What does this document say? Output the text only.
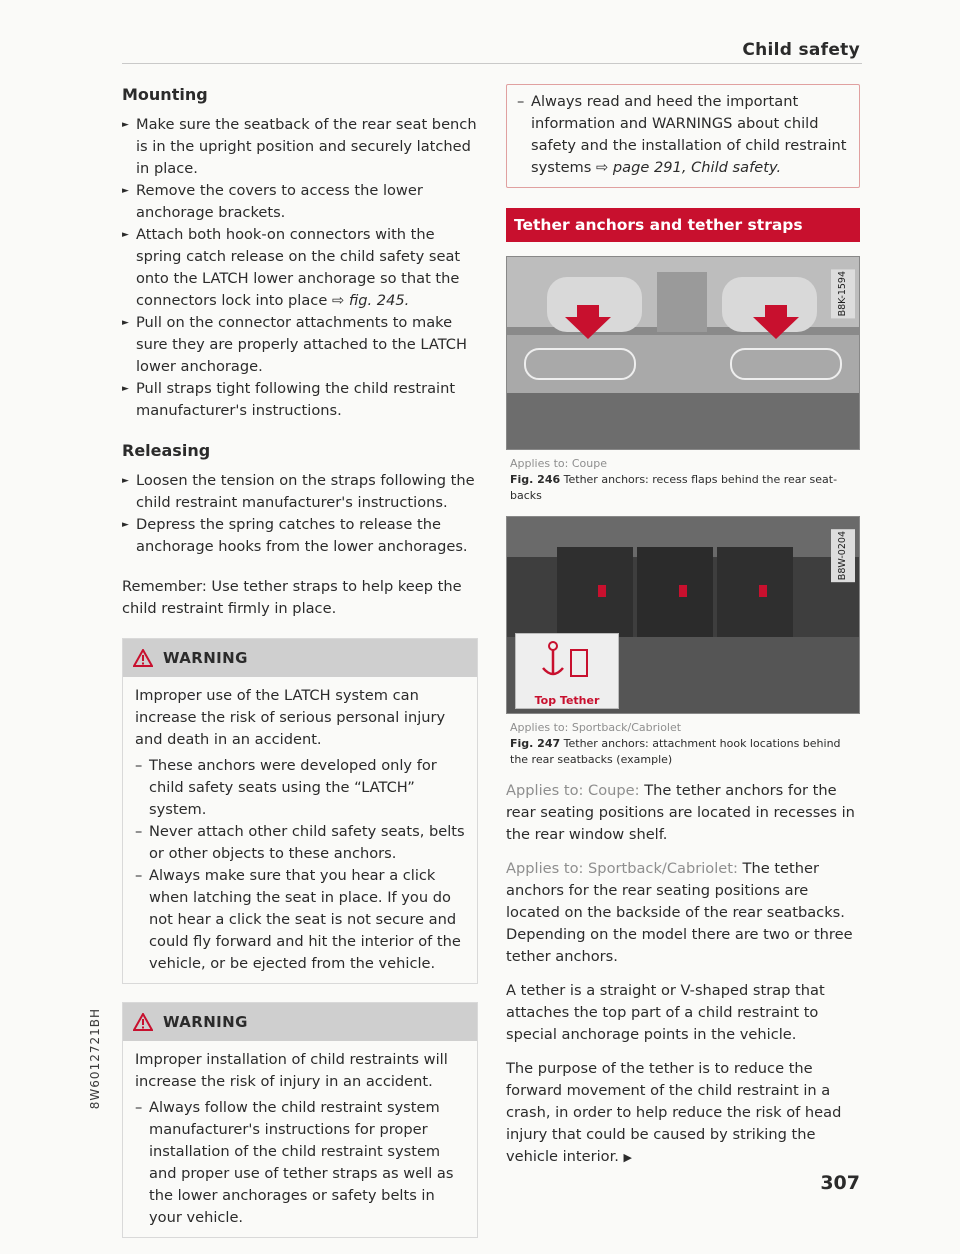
Child safety
Mounting
► Make sure the seatback of the rear seat bench is in the upright position and securely latched in place.
► Remove the covers to access the lower anchorage brackets.
► Attach both hook-on connectors with the spring catch release on the child safety seat onto the LATCH lower anchorage so that the connectors lock into place ⇨ fig. 245.
► Pull on the connector attachments to make sure they are properly attached to the LATCH lower anchorage.
► Pull straps tight following the child restraint manufacturer's instructions.
Releasing
► Loosen the tension on the straps following the child restraint manufacturer's instructions.
► Depress the spring catches to release the anchorage hooks from the lower anchorages.

Remember: Use tether straps to help keep the child restraint firmly in place.

WARNING

Improper use of the LATCH system can increase the risk of serious personal injury and death in an accident.

– These anchors were developed only for child safety seats using the “LATCH” system.
– Never attach other child safety seats, belts or other objects to these anchors.
– Always make sure that you hear a click when latching the seat in place. If you do not hear a click the seat is not secure and could fly forward and hit the interior of the vehicle, or be ejected from the vehicle.
WARNING

Improper installation of child restraints will increase the risk of injury in an accident.

– Always follow the child restraint system manufacturer's instructions for proper installation of the child restraint system and proper use of tether straps as well as the lower anchorages or safety belts in your vehicle.
– Always read and heed the important information and WARNINGS about child safety and the installation of child restraint systems ⇨ page 291, Child safety.
Tether anchors and tether straps
B8K-1594
Applies to: Coupe
Fig. 246 Tether anchors: recess flaps behind the rear seat-backs
Top Tether
B8W-0204
Applies to: Sportback/Cabriolet
Fig. 247 Tether anchors: attachment hook locations behind the rear seatbacks (example)

Applies to: Coupe: The tether anchors for the rear seating positions are located in recesses in the rear window shelf.

Applies to: Sportback/Cabriolet: The tether anchors for the rear seating positions are located on the backside of the rear seatbacks. Depending on the model there are two or three tether anchors.

A tether is a straight or V-shaped strap that attaches the top part of a child restraint to special anchorage points in the vehicle.

The purpose of the tether is to reduce the forward movement of the child restraint in a crash, in order to help reduce the risk of head injury that could be caused by striking the vehicle interior. ▶

307
8W6012721BH
